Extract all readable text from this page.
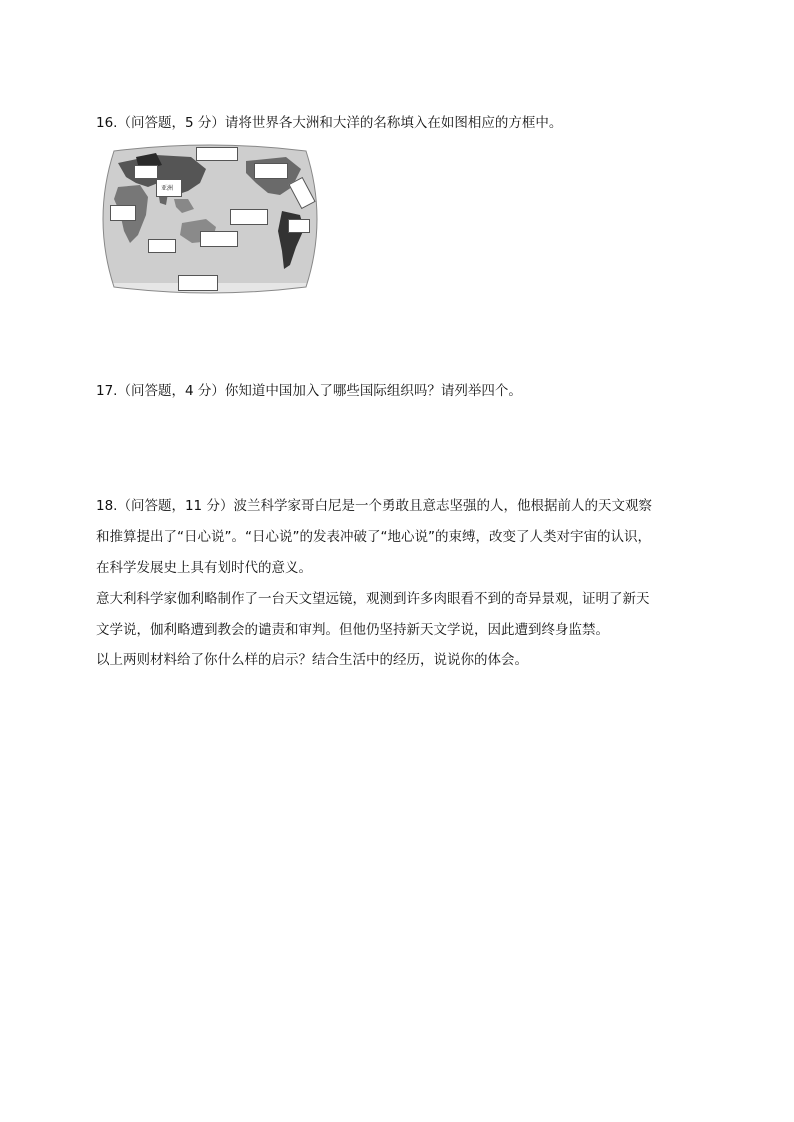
16.（问答题，5 分）请将世界各大洲和大洋的名称填入在如图相应的方框中。
亚洲
17.（问答题，4 分）你知道中国加入了哪些国际组织吗？请列举四个。
18.（问答题，11 分）波兰科学家哥白尼是一个勇敢且意志坚强的人，他根据前人的天文观察
和推算提出了“日心说”。“日心说”的发表冲破了“地心说”的束缚，改变了人类对宇宙的认识，
在科学发展史上具有划时代的意义。
意大利科学家伽利略制作了一台天文望远镜，观测到许多肉眼看不到的奇异景观，证明了新天
文学说，伽利略遭到教会的谴责和审判。但他仍坚持新天文学说，因此遭到终身监禁。
以上两则材料给了你什么样的启示？结合生活中的经历，说说你的体会。
